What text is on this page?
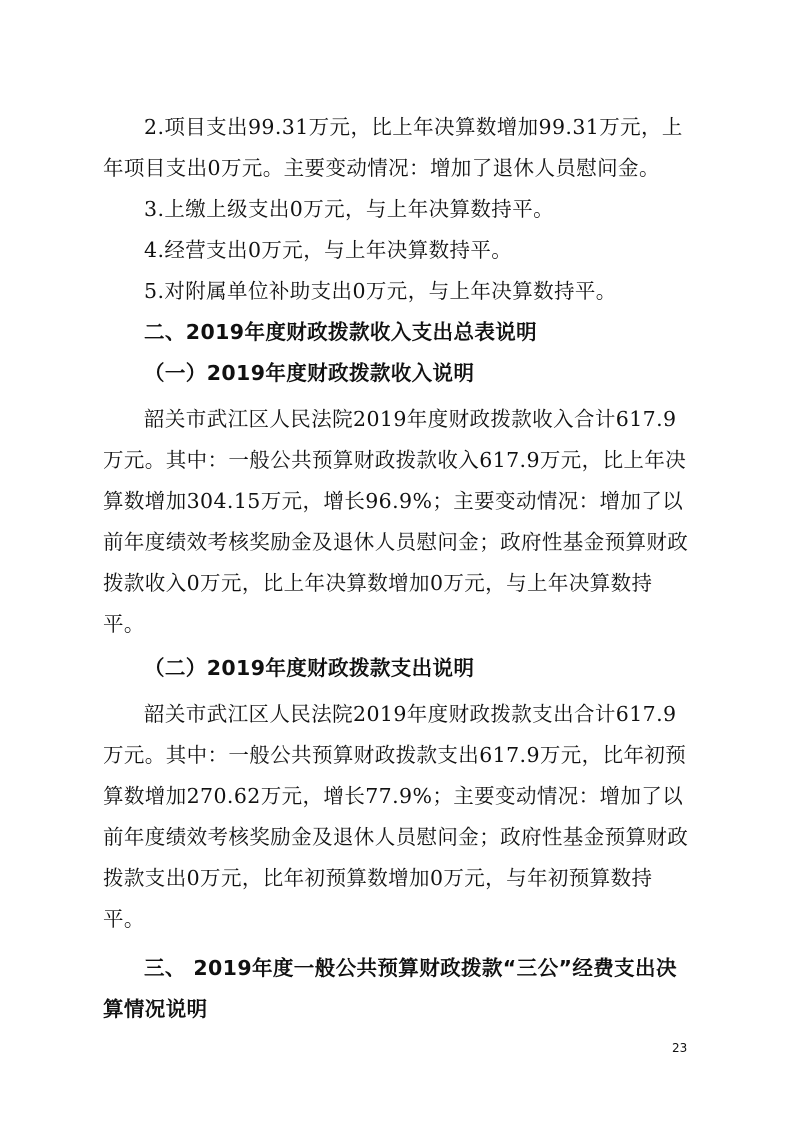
2.项目支出99.31万元，比上年决算数增加99.31万元，上年项目支出0万元。主要变动情况：增加了退休人员慰问金。
3.上缴上级支出0万元，与上年决算数持平。
4.经营支出0万元，与上年决算数持平。
5.对附属单位补助支出0万元，与上年决算数持平。
二、2019年度财政拨款收入支出总表说明
（一）2019年度财政拨款收入说明
韶关市武江区人民法院2019年度财政拨款收入合计617.9万元。其中：一般公共预算财政拨款收入617.9万元，比上年决算数增加304.15万元，增长96.9%；主要变动情况：增加了以前年度绩效考核奖励金及退休人员慰问金；政府性基金预算财政拨款收入0万元，比上年决算数增加0万元，与上年决算数持平。
（二）2019年度财政拨款支出说明
韶关市武江区人民法院2019年度财政拨款支出合计617.9万元。其中：一般公共预算财政拨款支出617.9万元，比年初预算数增加270.62万元，增长77.9%；主要变动情况：增加了以前年度绩效考核奖励金及退休人员慰问金；政府性基金预算财政拨款支出0万元，比年初预算数增加0万元，与年初预算数持平。
三、 2019年度一般公共预算财政拨款“三公”经费支出决算情况说明
23
